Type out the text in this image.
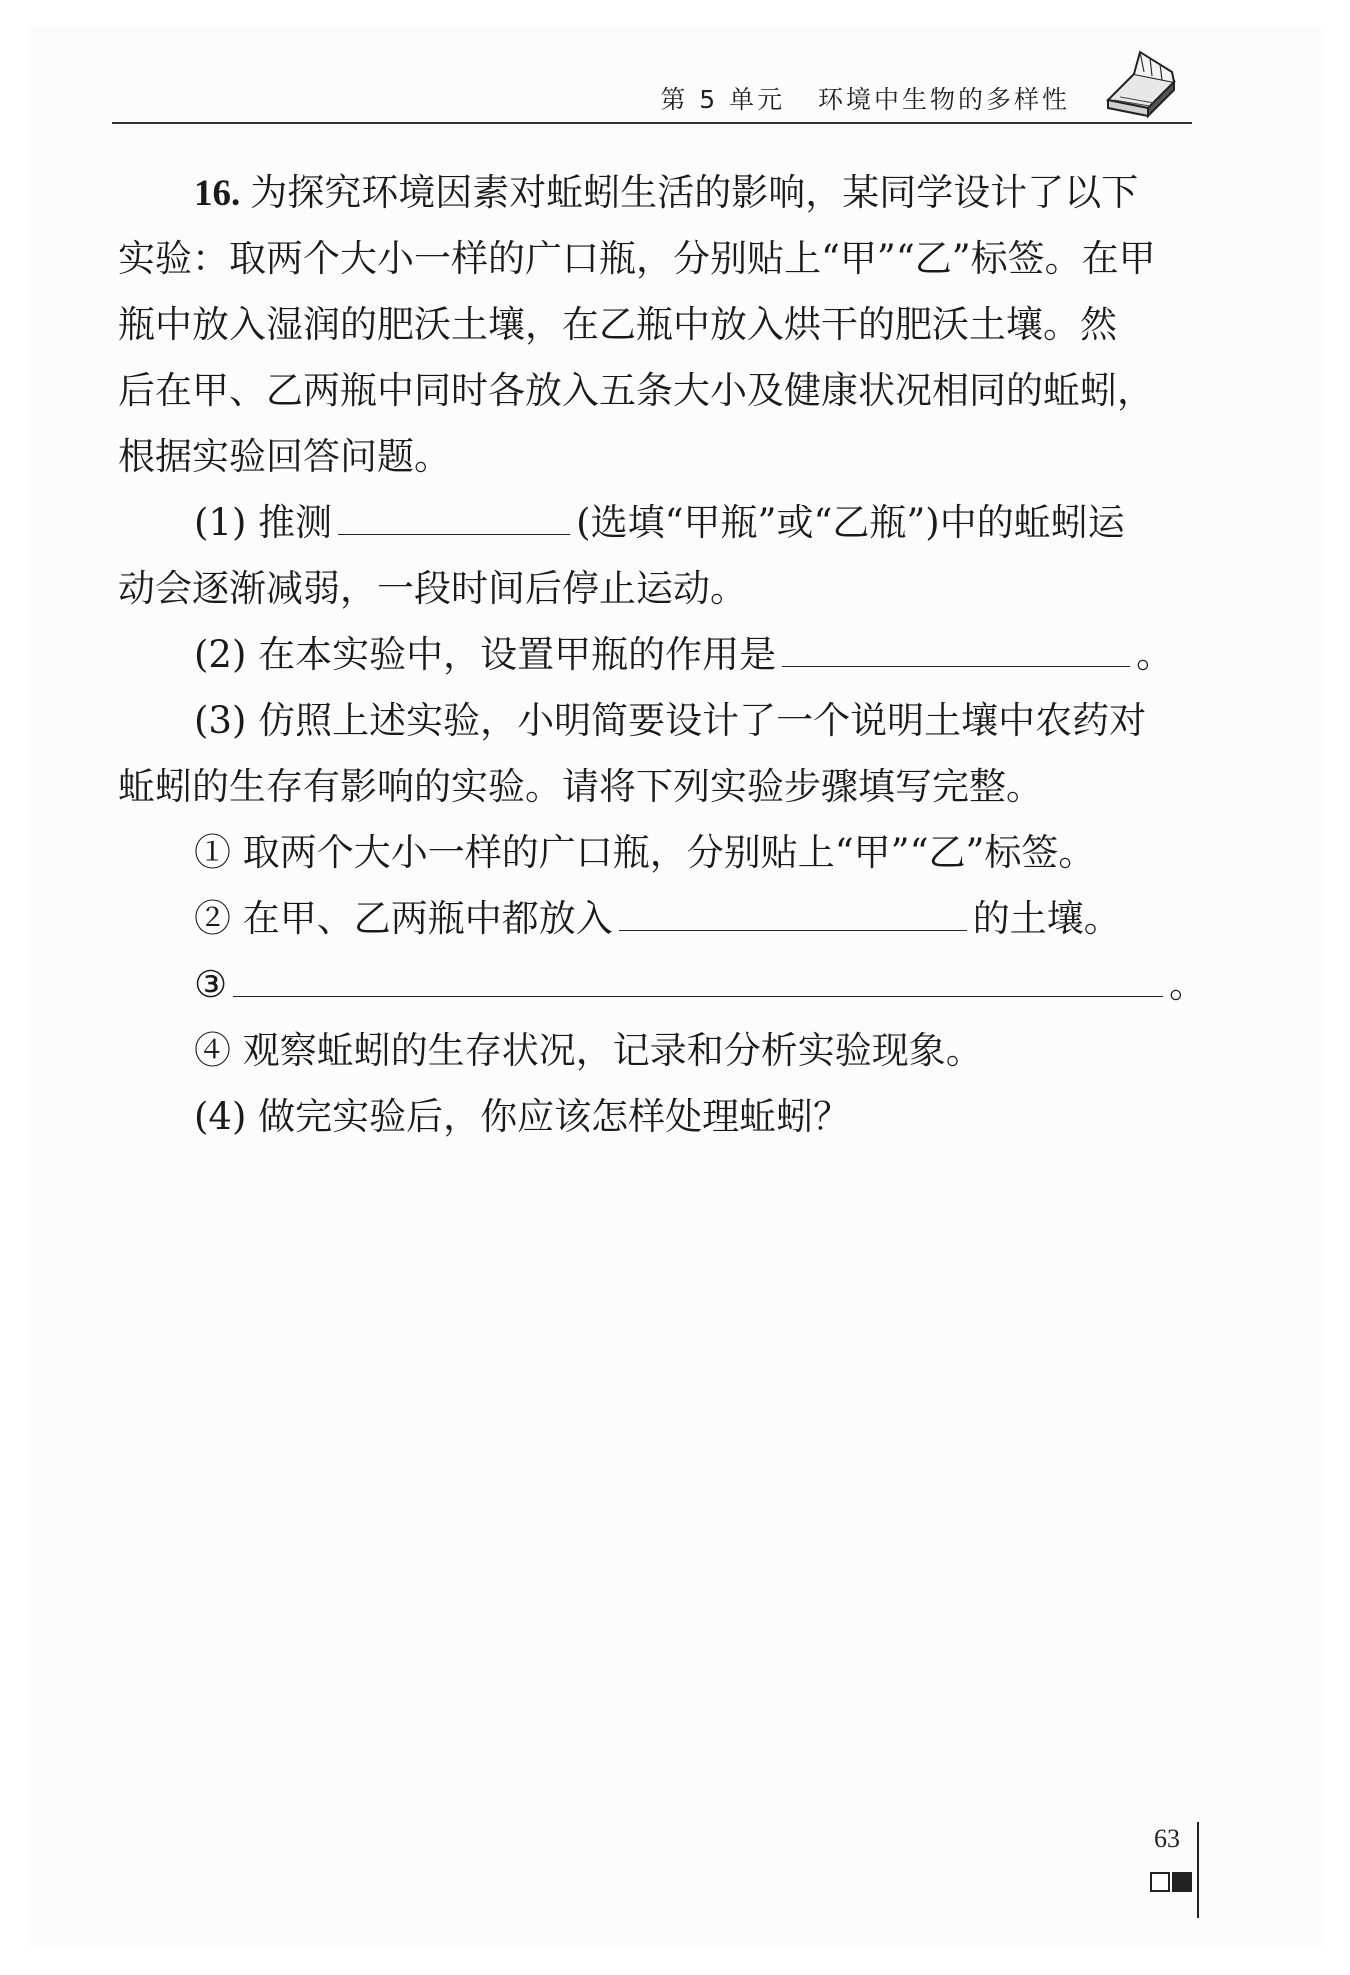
第 5 单元   环境中生物的多样性
16. 为探究环境因素对蚯蚓生活的影响，某同学设计了以下
实验：取两个大小一样的广口瓶，分别贴上“甲”“乙”标签。在甲
瓶中放入湿润的肥沃土壤，在乙瓶中放入烘干的肥沃土壤。然
后在甲、乙两瓶中同时各放入五条大小及健康状况相同的蚯蚓，
根据实验回答问题。
(1) 推测	(选填“甲瓶”或“乙瓶”)中的蚯蚓运
动会逐渐减弱，一段时间后停止运动。
(2) 在本实验中，设置甲瓶的作用是	。
(3) 仿照上述实验，小明简要设计了一个说明土壤中农药对
蚯蚓的生存有影响的实验。请将下列实验步骤填写完整。
① 取两个大小一样的广口瓶，分别贴上“甲”“乙”标签。
② 在甲、乙两瓶中都放入	的土壤。
③	。
④ 观察蚯蚓的生存状况，记录和分析实验现象。
(4) 做完实验后，你应该怎样处理蚯蚓？
63
